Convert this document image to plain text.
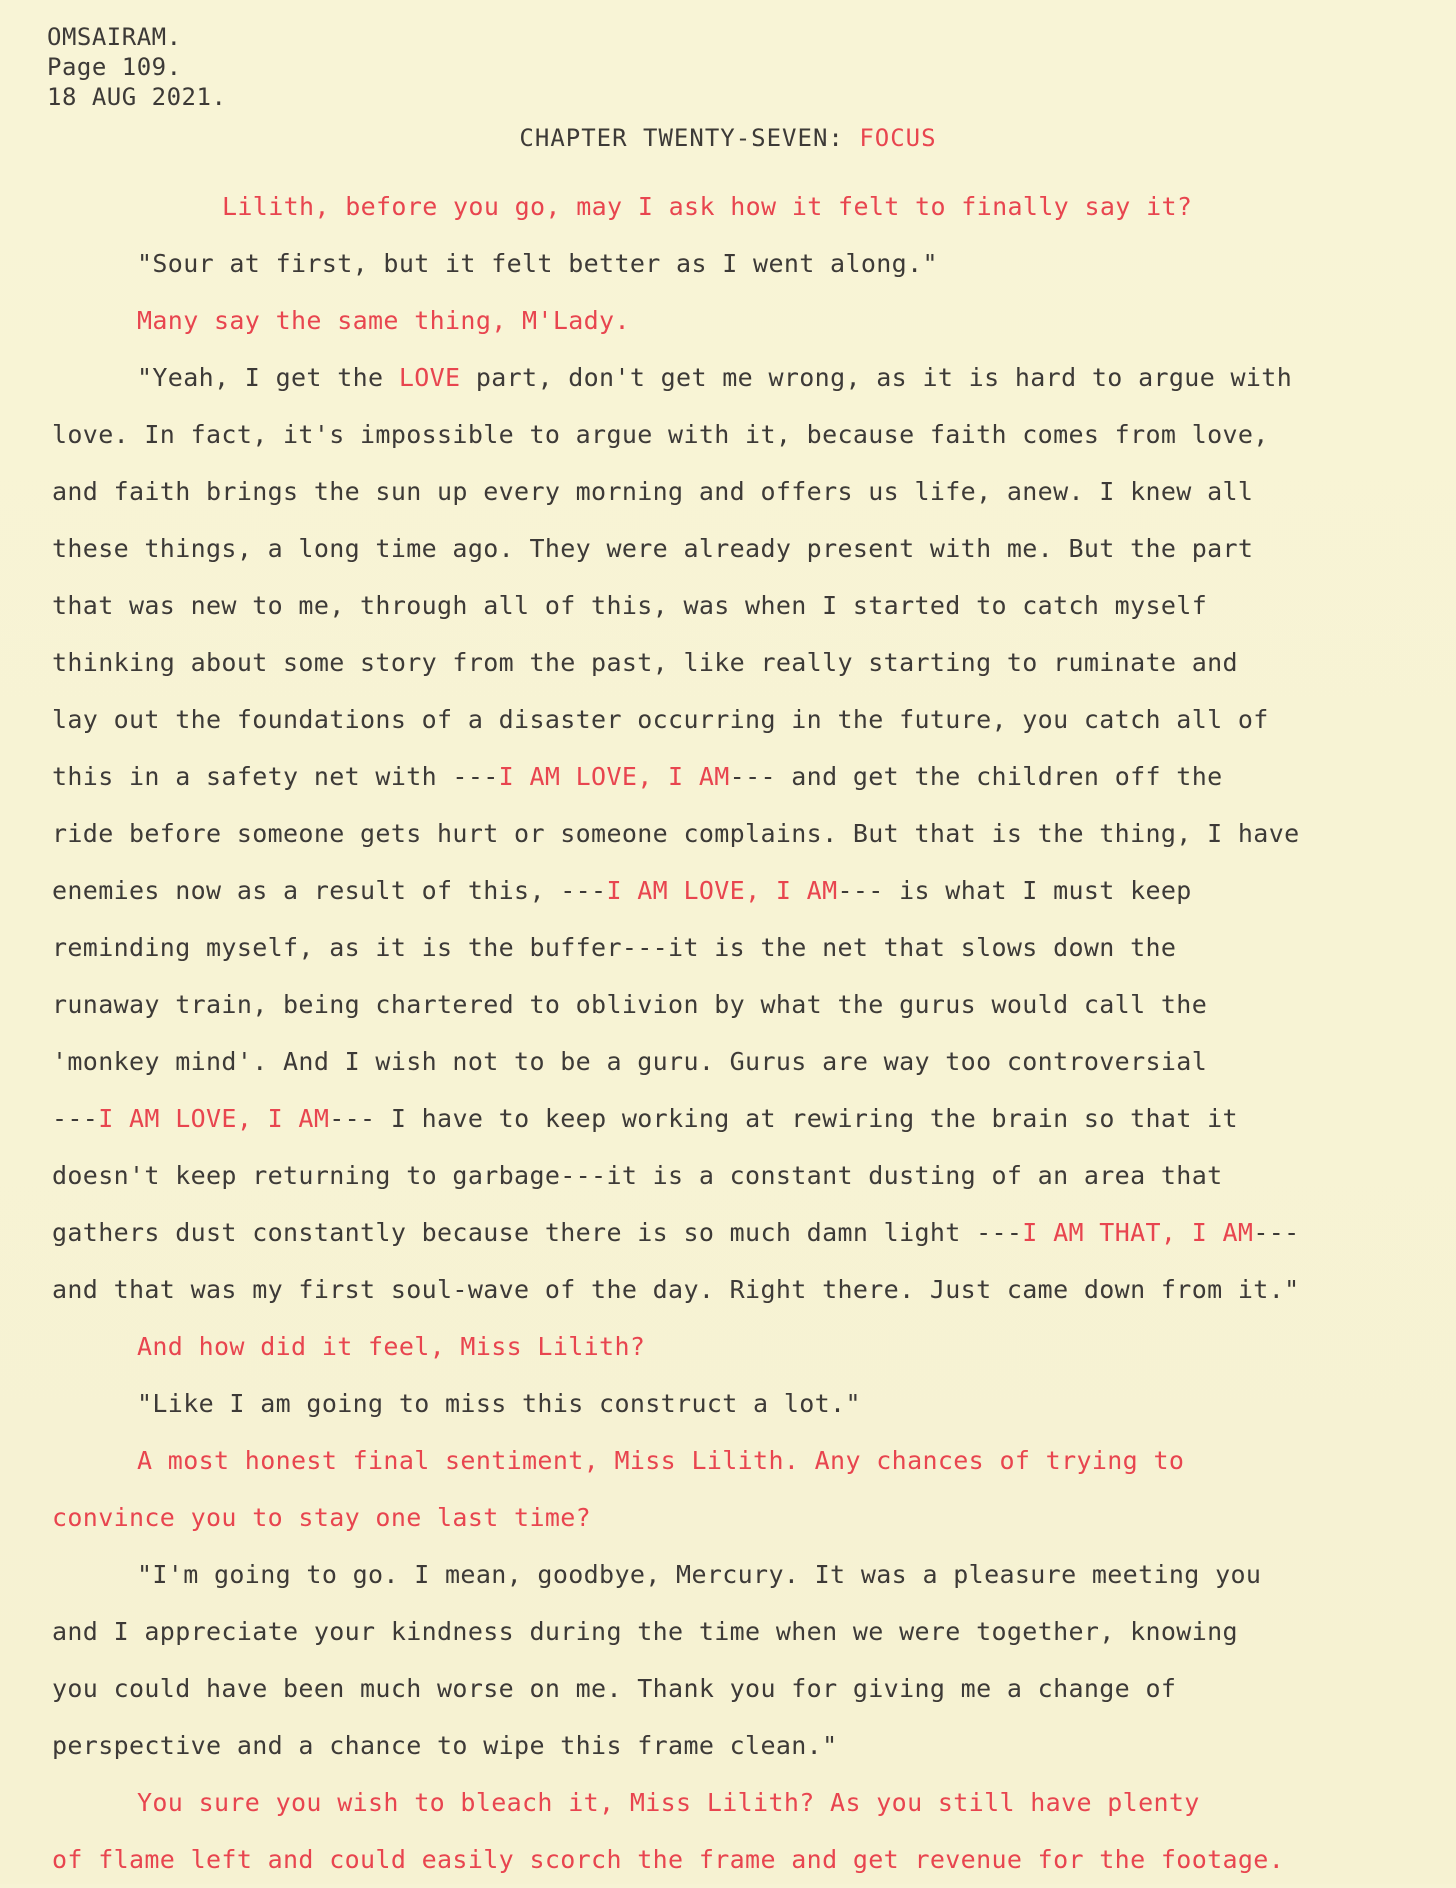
OMSAIRAM.
Page 109.
18 AUG 2021.
CHAPTER TWENTY-SEVEN: FOCUS
Lilith, before you go, may I ask how it felt to finally say it?
"Sour at first, but it felt better as I went along."
Many say the same thing, M'Lady.
"Yeah, I get the LOVE part, don't get me wrong, as it is hard to argue with
love. In fact, it's impossible to argue with it, because faith comes from love,
and faith brings the sun up every morning and offers us life, anew. I knew all
these things, a long time ago. They were already present with me. But the part
that was new to me, through all of this, was when I started to catch myself
thinking about some story from the past, like really starting to ruminate and
lay out the foundations of a disaster occurring in the future, you catch all of
this in a safety net with ---I AM LOVE, I AM--- and get the children off the
ride before someone gets hurt or someone complains. But that is the thing, I have
enemies now as a result of this, ---I AM LOVE, I AM--- is what I must keep
reminding myself, as it is the buffer---it is the net that slows down the
runaway train, being chartered to oblivion by what the gurus would call the
'monkey mind'. And I wish not to be a guru. Gurus are way too controversial
---I AM LOVE, I AM--- I have to keep working at rewiring the brain so that it
doesn't keep returning to garbage---it is a constant dusting of an area that
gathers dust constantly because there is so much damn light ---I AM THAT, I AM---
and that was my first soul-wave of the day. Right there. Just came down from it."
And how did it feel, Miss Lilith?
"Like I am going to miss this construct a lot."
A most honest final sentiment, Miss Lilith. Any chances of trying to
convince you to stay one last time?
"I'm going to go. I mean, goodbye, Mercury. It was a pleasure meeting you
and I appreciate your kindness during the time when we were together, knowing
you could have been much worse on me. Thank you for giving me a change of
perspective and a chance to wipe this frame clean."
You sure you wish to bleach it, Miss Lilith? As you still have plenty
of flame left and could easily scorch the frame and get revenue for the footage.
